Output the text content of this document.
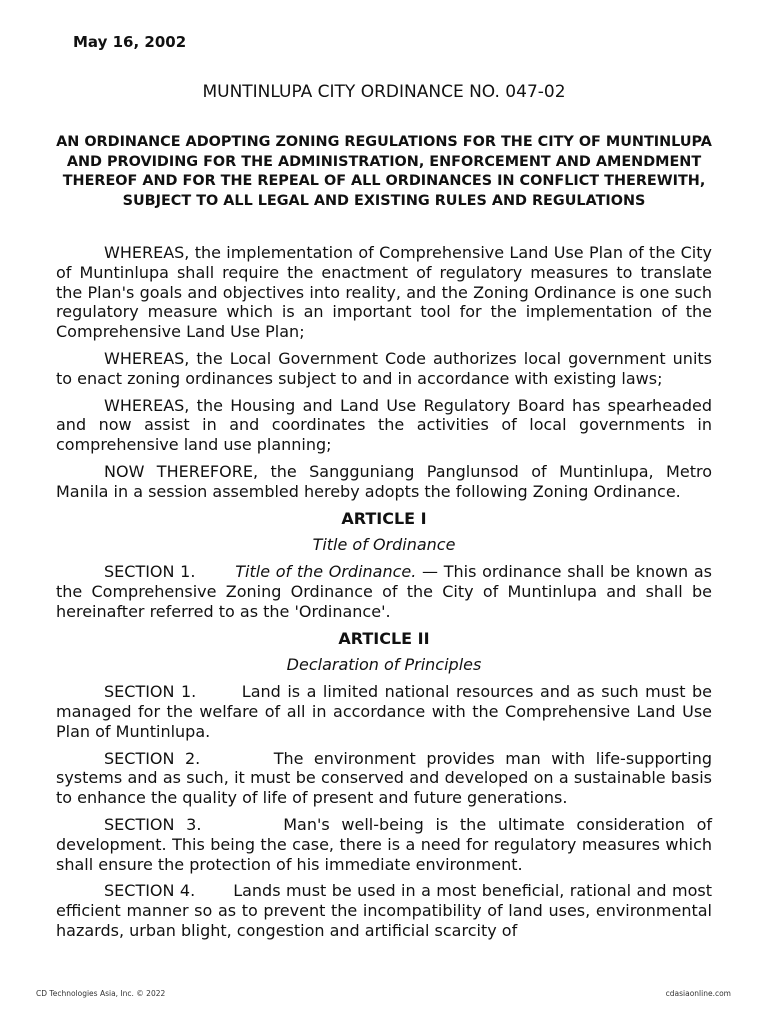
May 16, 2002
MUNTINLUPA CITY ORDINANCE NO. 047-02
AN ORDINANCE ADOPTING ZONING REGULATIONS FOR THE CITY OF MUNTINLUPA AND PROVIDING FOR THE ADMINISTRATION, ENFORCEMENT AND AMENDMENT THEREOF AND FOR THE REPEAL OF ALL ORDINANCES IN CONFLICT THEREWITH, SUBJECT TO ALL LEGAL AND EXISTING RULES AND REGULATIONS

WHEREAS, the implementation of Comprehensive Land Use Plan of the City of Muntinlupa shall require the enactment of regulatory measures to translate the Plan's goals and objectives into reality, and the Zoning Ordinance is one such regulatory measure which is an important tool for the implementation of the Comprehensive Land Use Plan;

WHEREAS, the Local Government Code authorizes local government units to enact zoning ordinances subject to and in accordance with existing laws;

WHEREAS, the Housing and Land Use Regulatory Board has spearheaded and now assist in and coordinates the activities of local governments in comprehensive land use planning;

NOW THEREFORE, the Sangguniang Panglunsod of Muntinlupa, Metro Manila in a session assembled hereby adopts the following Zoning Ordinance.

ARTICLE I
Title of Ordinance

SECTION 1. Title of the Ordinance. — This ordinance shall be known as the Comprehensive Zoning Ordinance of the City of Muntinlupa and shall be hereinafter referred to as the 'Ordinance'.

ARTICLE II
Declaration of Principles

SECTION 1.	Land is a limited national resources and as such must be managed for the welfare of all in accordance with the Comprehensive Land Use Plan of Muntinlupa.

SECTION 2.	The environment provides man with life-supporting systems and as such, it must be conserved and developed on a sustainable basis to enhance the quality of life of present and future generations.

SECTION 3.	Man's well-being is the ultimate consideration of development. This being the case, there is a need for regulatory measures which shall ensure the protection of his immediate environment.

SECTION 4. Lands must be used in a most beneficial, rational and most efficient manner so as to prevent the incompatibility of land uses, environmental hazards, urban blight, congestion and artificial scarcity of

CD Technologies Asia, Inc. © 2022	cdasiaonline.com
